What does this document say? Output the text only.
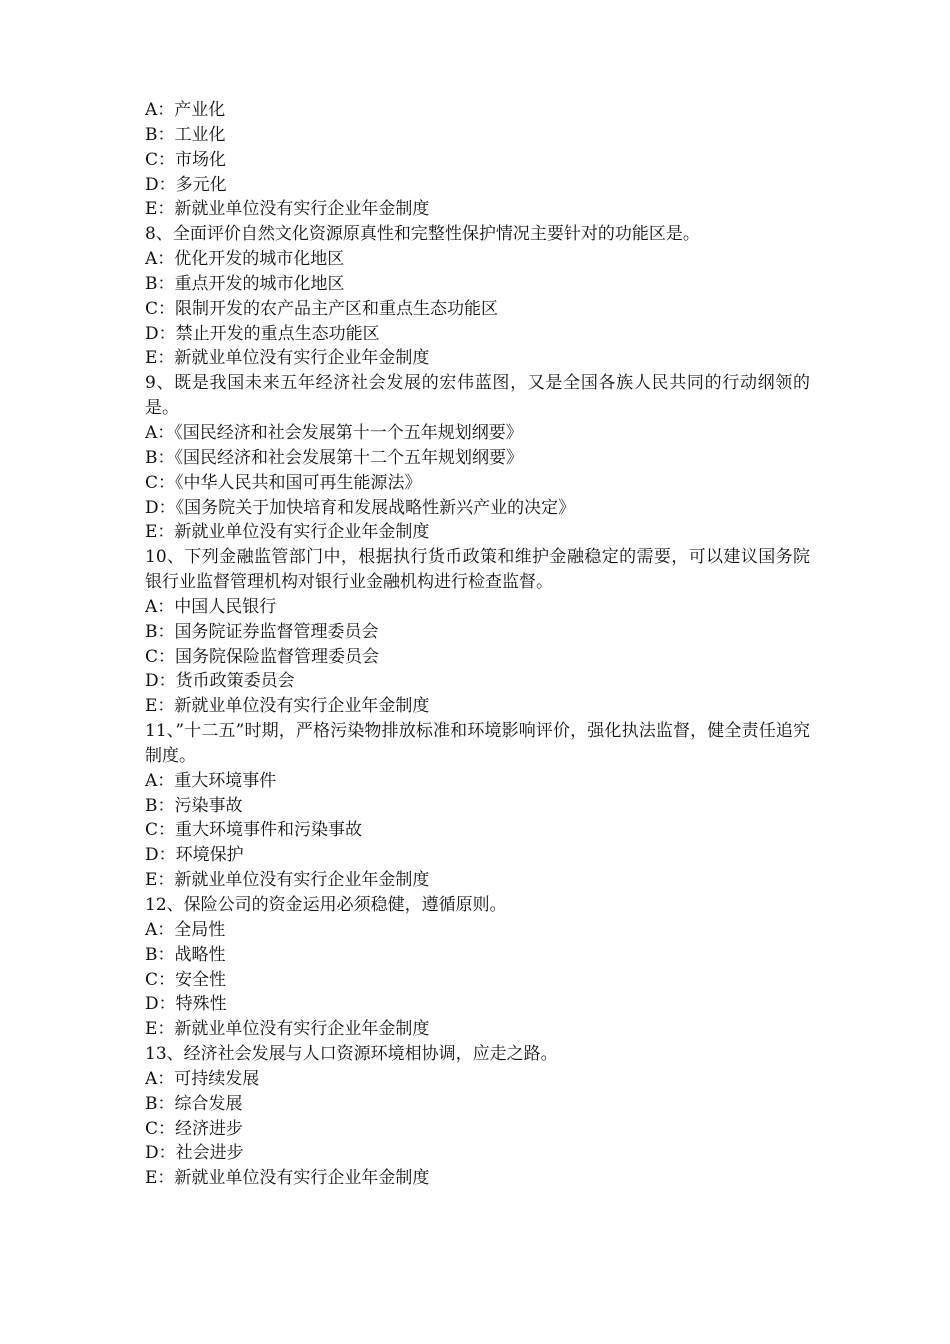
A：产业化
B：工业化
C：市场化
D：多元化
E：新就业单位没有实行企业年金制度
8、全面评价自然文化资源原真性和完整性保护情况主要针对的功能区是。
A：优化开发的城市化地区
B：重点开发的城市化地区
C：限制开发的农产品主产区和重点生态功能区
D：禁止开发的重点生态功能区
E：新就业单位没有实行企业年金制度
9、既是我国未来五年经济社会发展的宏伟蓝图，又是全国各族人民共同的行动纲领的是。
A：《国民经济和社会发展第十一个五年规划纲要》
B：《国民经济和社会发展第十二个五年规划纲要》
C：《中华人民共和国可再生能源法》
D：《国务院关于加快培育和发展战略性新兴产业的决定》
E：新就业单位没有实行企业年金制度
10、下列金融监管部门中，根据执行货币政策和维护金融稳定的需要，可以建议国务院银行业监督管理机构对银行业金融机构进行检查监督。
A：中国人民银行
B：国务院证券监督管理委员会
C：国务院保险监督管理委员会
D：货币政策委员会
E：新就业单位没有实行企业年金制度
11、”十二五”时期，严格污染物排放标准和环境影响评价，强化执法监督，健全责任追究制度。
A：重大环境事件
B：污染事故
C：重大环境事件和污染事故
D：环境保护
E：新就业单位没有实行企业年金制度
12、保险公司的资金运用必须稳健，遵循原则。
A：全局性
B：战略性
C：安全性
D：特殊性
E：新就业单位没有实行企业年金制度
13、经济社会发展与人口资源环境相协调，应走之路。
A：可持续发展
B：综合发展
C：经济进步
D：社会进步
E：新就业单位没有实行企业年金制度
